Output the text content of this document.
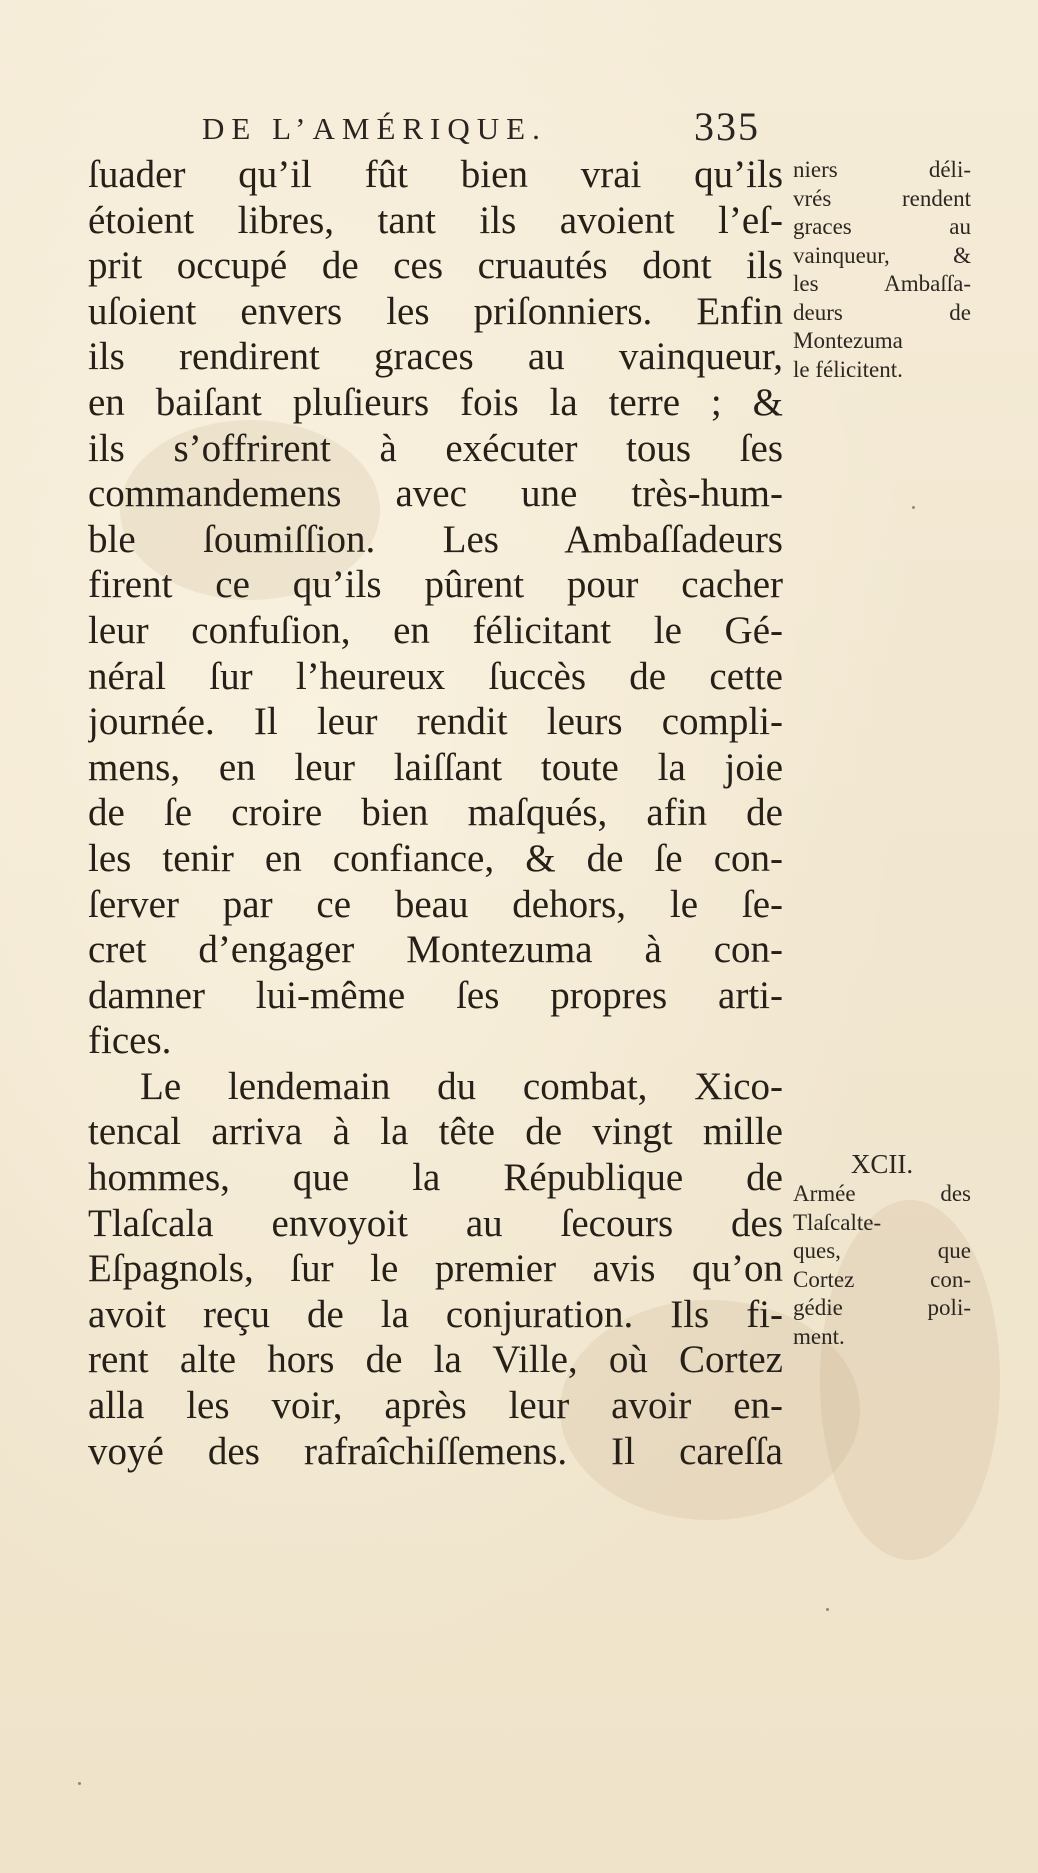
DE L’AMÉRIQUE.	335
ſuader qu’il fût bien vrai qu’ils
étoient libres, tant ils avoient l’eſ-
prit occupé de ces cruautés dont ils
uſoient envers les priſonniers. Enfin
ils rendirent graces au vainqueur,
en baiſant pluſieurs fois la terre ; &
ils s’offrirent à exécuter tous ſes
commandemens avec une très-hum-
ble ſoumiſſion. Les Ambaſſadeurs
firent ce qu’ils pûrent pour cacher
leur confuſion, en félicitant le Gé-
néral ſur l’heureux ſuccès de cette
journée. Il leur rendit leurs compli-
mens, en leur laiſſant toute la joie
de ſe croire bien maſqués, afin de
les tenir en confiance, & de ſe con-
ſerver par ce beau dehors, le ſe-
cret d’engager Montezuma à con-
damner lui-même ſes propres arti-
fices.
Le lendemain du combat, Xico-
tencal arriva à la tête de vingt mille
hommes, que la République de
Tlaſcala envoyoit au ſecours des
Eſpagnols, ſur le premier avis qu’on
avoit reçu de la conjuration. Ils fi-
rent alte hors de la Ville, où Cortez
alla les voir, après leur avoir en-
voyé des rafraîchiſſemens. Il careſſa
niers déli-
vrés rendent
graces au
vainqueur, &
les Ambaſſa-
deurs de
Montezuma
le félicitent.
XCII.
Armée des
Tlaſcalte-
ques, que
Cortez con-
gédie poli-
ment.
